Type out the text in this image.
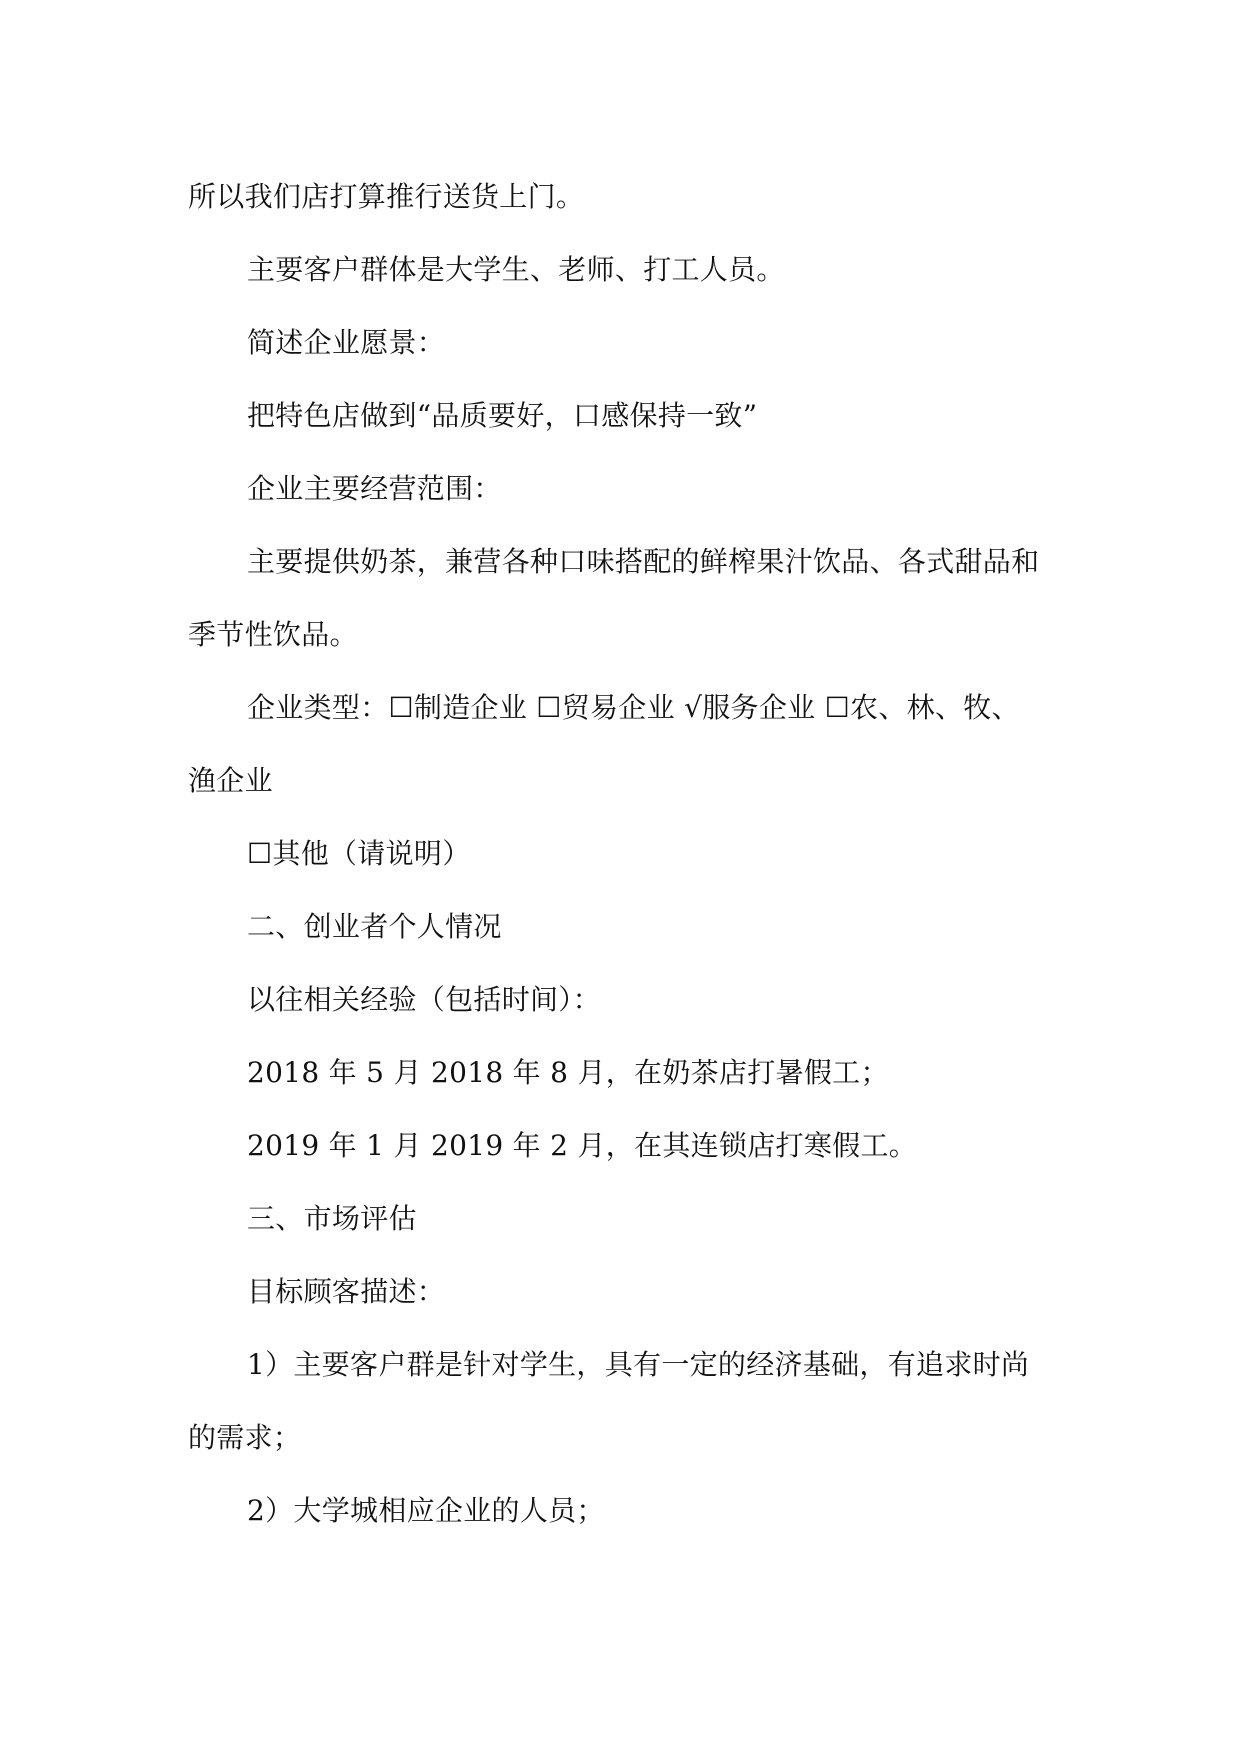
所以我们店打算推行送货上门。
主要客户群体是大学生、老师、打工人员。
简述企业愿景：
把特色店做到“品质要好，口感保持一致”
企业主要经营范围：
主要提供奶茶，兼营各种口味搭配的鲜榨果汁饮品、各式甜品和
季节性饮品。
企业类型：☐制造企业 ☐贸易企业 √服务企业 ☐农、林、牧、
渔企业
☐其他（请说明）
二、创业者个人情况
以往相关经验（包括时间）：
2018 年 5 月 2018 年 8 月，在奶茶店打暑假工；
2019 年 1 月 2019 年 2 月，在其连锁店打寒假工。
三、市场评估
目标顾客描述：
1）主要客户群是针对学生，具有一定的经济基础，有追求时尚
的需求；
2）大学城相应企业的人员；
